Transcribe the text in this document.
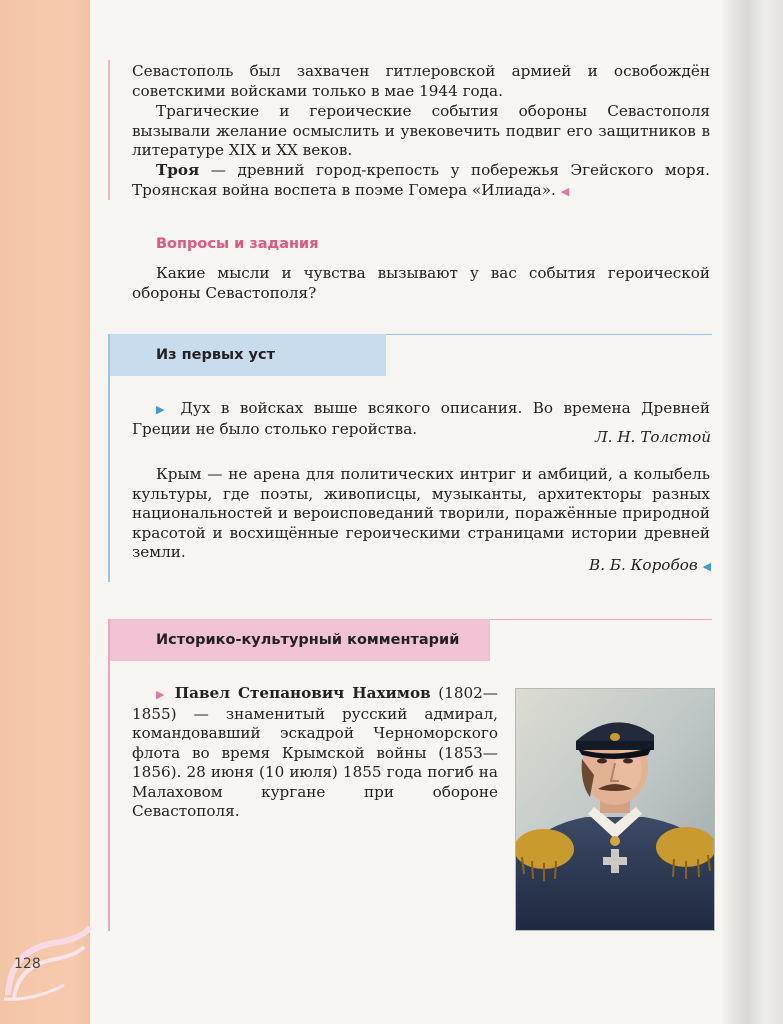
Севастополь был захвачен гитлеровской армией и освобождён советскими войсками только в мае 1944 года.

Трагические и героические события обороны Севастополя вызывали желание осмыслить и увековечить подвиг его защитников в литературе XIX и XX веков.

Троя — древний город-крепость у побережья Эгейского моря. Троянская война воспета в поэме Гомера «Илиада». ◀

Вопросы и задания

Какие мысли и чувства вызывают у вас события героической обороны Севастополя?

Из первых уст

▶ Дух в войсках выше всякого описания. Во времена Древней Греции не было столько геройства.	Л. Н. Толстой

Крым — не арена для политических интриг и амбиций, а колыбель культуры, где поэты, живописцы, музыканты, архитекторы разных национальностей и вероисповеданий творили, поражённые природной красотой и восхищённые героическими страницами истории древней земли.

В. Б. Коробов ◀

Историко-культурный комментарий

▶ Павел Степанович Нахимов (1802—1855) — знаменитый русский адмирал, командовавший эскадрой Черноморского флота во время Крымской войны (1853—1856). 28 июня (10 июля) 1855 года погиб на Малаховом кургане при обороне Севастополя.

128
